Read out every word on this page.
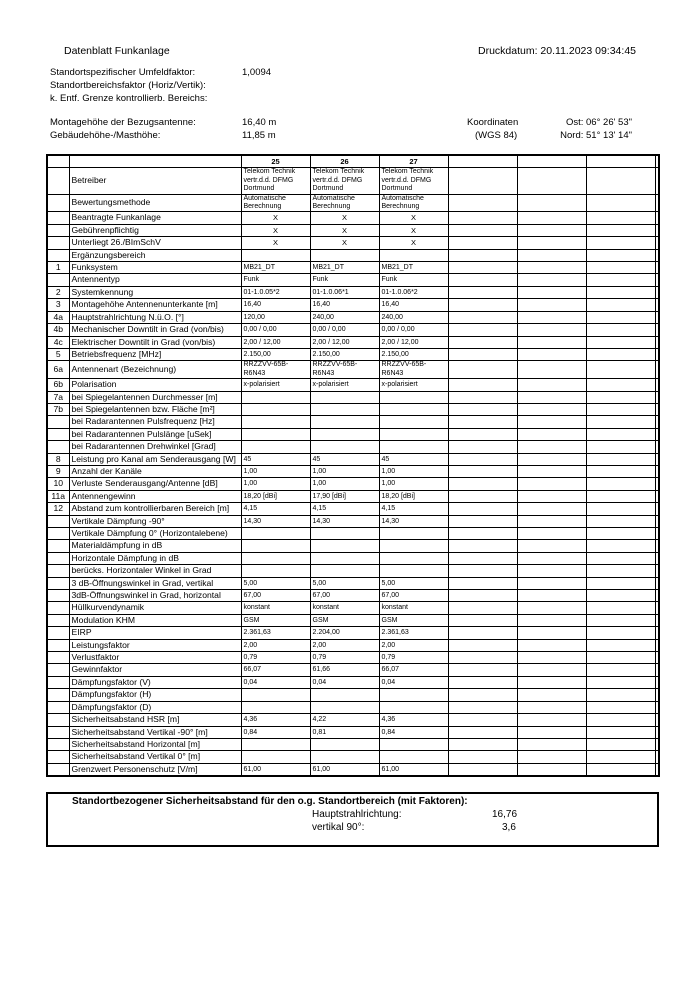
Datenblatt Funkanlage	Druckdatum: 20.11.2023 09:34:45
Standortspezifischer Umfeldfaktor:	1,0094
Standortbereichsfaktor (Horiz/Vertik):
k. Entf. Grenze kontrollierb. Bereichs:
Montagehöhe der Bezugsantenne:	16,40 m
Gebäudehöhe-/Masthöhe:	11,85 m
Koordinaten
(WGS 84)
Ost: 06° 26' 53"
Nord: 51° 13' 14"
		25	26	27					
	Betreiber	Telekom Technik vertr.d.d. DFMG Dortmund	Telekom Technik vertr.d.d. DFMG Dortmund	Telekom Technik vertr.d.d. DFMG Dortmund					
	Bewertungsmethode	Automatische Berechnung	Automatische Berechnung	Automatische Berechnung					
	Beantragte Funkanlage	X	X	X					
	Gebührenpflichtig	X	X	X					
	Unterliegt 26./BImSchV	X	X	X					
	Ergänzungsbereich								
1	Funksystem	MB21_DT	MB21_DT	MB21_DT					
	Antennentyp	Funk	Funk	Funk					
2	Systemkennung	01-1.0.05*2	01-1.0.06*1	01-1.0.06*2					
3	Montagehöhe Antennenunterkante [m]	16,40	16,40	16,40					
4a	Hauptstrahlrichtung N.ü.O. [°]	120,00	240,00	240,00					
4b	Mechanischer Downtilt in Grad (von/bis)	0,00 / 0,00	0,00 / 0,00	0,00 / 0,00					
4c	Elektrischer Downtilt in Grad (von/bis)	2,00 / 12,00	2,00 / 12,00	2,00 / 12,00					
5	Betriebsfrequenz [MHz]	2.150,00	2.150,00	2.150,00					
6a	Antennenart (Bezeichnung)	RRZZVV-65B-R6N43	RRZZVV-65B-R6N43	RRZZVV-65B-R6N43					
6b	Polarisation	x-polarisiert	x-polarisiert	x-polarisiert					
7a	bei Spiegelantennen Durchmesser [m]								
7b	bei Spiegelantennen bzw. Fläche [m²]								
	bei Radarantennen Pulsfrequenz [Hz]								
	bei Radarantennen Pulslänge [uSek]								
	bei Radarantennen Drehwinkel [Grad]								
8	Leistung pro Kanal am Senderausgang [W]	45	45	45					
9	Anzahl der Kanäle	1,00	1,00	1,00					
10	Verluste Senderausgang/Antenne [dB]	1,00	1,00	1,00					
11a	Antennengewinn	18,20 [dBi]	17,90 [dBi]	18,20 [dBi]					
12	Abstand zum kontrollierbaren Bereich [m]	4,15	4,15	4,15					
	Vertikale Dämpfung -90°	14,30	14,30	14,30					
	Vertikale Dämpfung 0° (Horizontalebene)								
	Materialdämpfung in dB								
	Horizontale Dämpfung in dB								
	berücks. Horizontaler Winkel in Grad								
	3 dB-Öffnungswinkel in Grad, vertikal	5,00	5,00	5,00					
	3dB-Öffnungswinkel in Grad, horizontal	67,00	67,00	67,00					
	Hüllkurvendynamik	konstant	konstant	konstant					
	Modulation KHM	GSM	GSM	GSM					
	EIRP	2.361,63	2.204,00	2.361,63					
	Leistungsfaktor	2,00	2,00	2,00					
	Verlustfaktor	0,79	0,79	0,79					
	Gewinnfaktor	66,07	61,66	66,07					
	Dämpfungsfaktor (V)	0,04	0,04	0,04					
	Dämpfungsfaktor (H)								
	Dämpfungsfaktor (D)								
	Sicherheitsabstand HSR [m]	4,36	4,22	4,36					
	Sicherheitsabstand Vertikal -90° [m]	0,84	0,81	0,84					
	Sicherheitsabstand Horizontal [m]								
	Sicherheitsabstand Vertikal 0° [m]								
	Grenzwert Personenschutz [V/m]	61,00	61,00	61,00					
Standortbezogener Sicherheitsabstand für den o.g. Standortbereich (mit Faktoren):
Hauptstrahlrichtung:	16,76
vertikal 90°:	3,6
